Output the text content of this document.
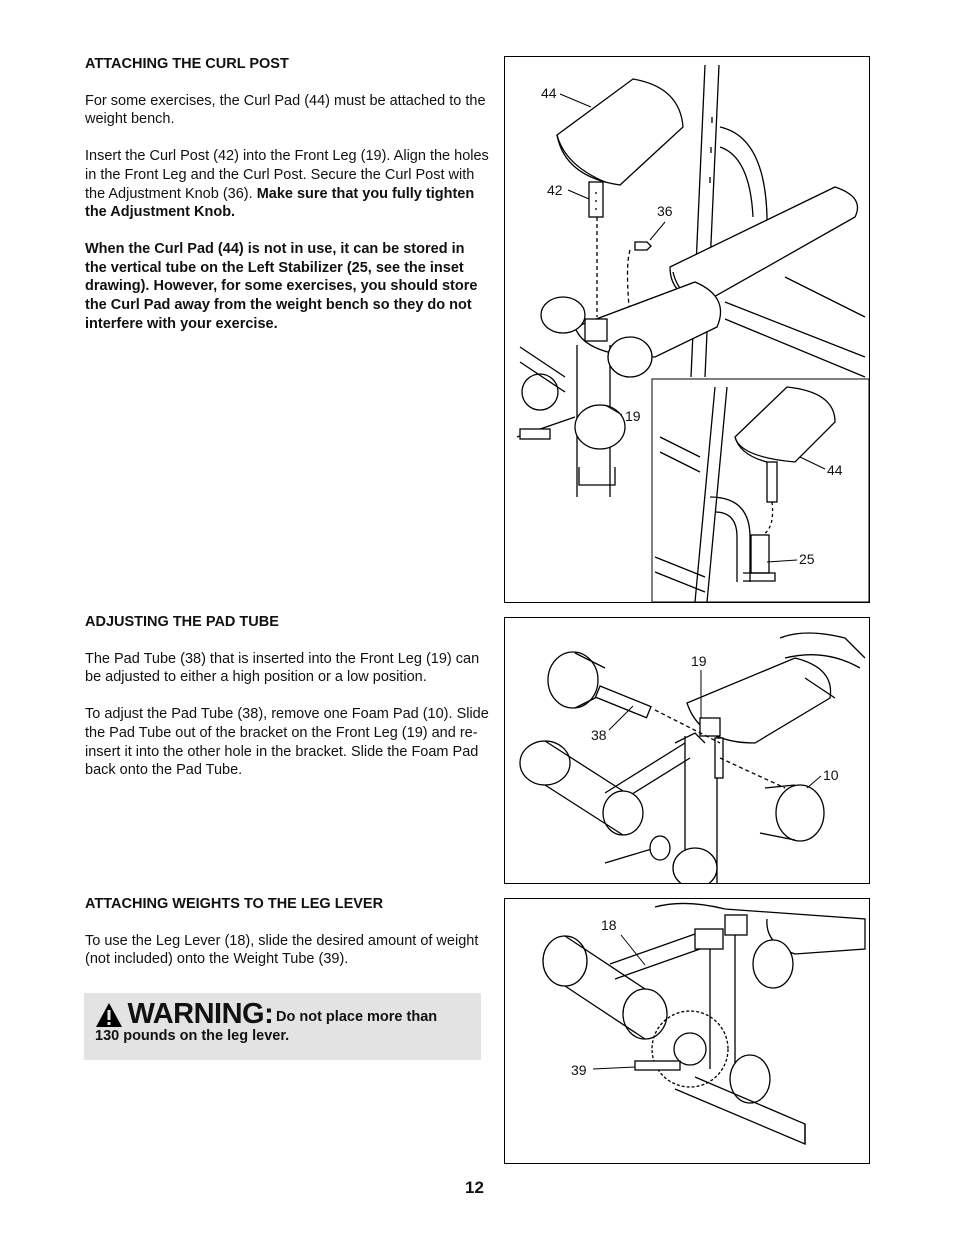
ATTACHING THE CURL POST

For some exercises, the Curl Pad (44) must be attached to the weight bench.

Insert the Curl Post (42) into the Front Leg (19). Align the holes in the Front Leg and the Curl Post. Secure the Curl Post with the Adjustment Knob (36). Make sure that you fully tighten the Adjustment Knob.

When the Curl Pad (44) is not in use, it can be stored in the vertical tube on the Left Stabilizer (25, see the inset drawing). However, for some exercises, you should store the Curl Pad away from the weight bench so they do not interfere with your exercise.

ADJUSTING THE PAD TUBE

The Pad Tube (38) that is inserted into the Front Leg (19) can be adjusted to either a high position or a low position.

To adjust the Pad Tube (38), remove one Foam Pad (10). Slide the Pad Tube out of the bracket on the Front Leg (19) and re-insert it into the other hole in the bracket. Slide the Foam Pad back onto the Pad Tube.

ATTACHING WEIGHTS TO THE LEG LEVER

To use the Leg Lever (18), slide the desired amount of weight (not included) onto the Weight Tube (39).

WARNING: Do not place more than 130 pounds on the leg lever.
44
42
36
19
44
25
19
38
10
18
39
12
